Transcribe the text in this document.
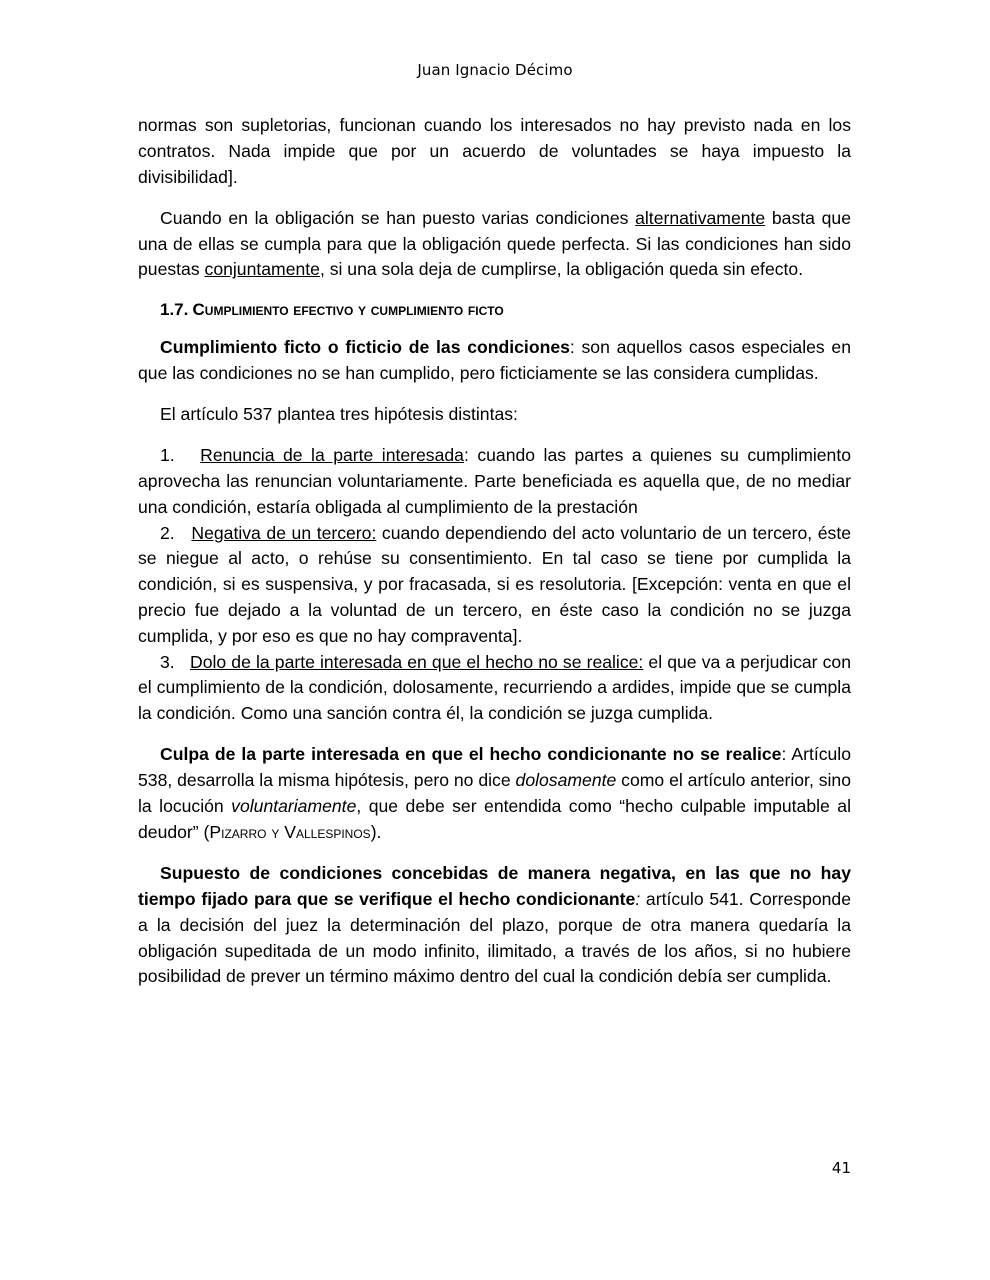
Juan Ignacio Décimo

normas son supletorias, funcionan cuando los interesados no hay previsto nada en los contratos. Nada impide que por un acuerdo de voluntades se haya impuesto la divisibilidad].

Cuando en la obligación se han puesto varias condiciones alternativamente basta que una de ellas se cumpla para que la obligación quede perfecta. Si las condiciones han sido puestas conjuntamente, si una sola deja de cumplirse, la obligación queda sin efecto.

1.7. Cumplimiento efectivo y cumplimiento ficto

Cumplimiento ficto o ficticio de las condiciones: son aquellos casos especiales en que las condiciones no se han cumplido, pero ficticiamente se las considera cumplidas.

El artículo 537 plantea tres hipótesis distintas:

1. Renuncia de la parte interesada: cuando las partes a quienes su cumplimiento aprovecha las renuncian voluntariamente. Parte beneficiada es aquella que, de no mediar una condición, estaría obligada al cumplimiento de la prestación

2. Negativa de un tercero: cuando dependiendo del acto voluntario de un tercero, éste se niegue al acto, o rehúse su consentimiento. En tal caso se tiene por cumplida la condición, si es suspensiva, y por fracasada, si es resolutoria. [Excepción: venta en que el precio fue dejado a la voluntad de un tercero, en éste caso la condición no se juzga cumplida, y por eso es que no hay compraventa].

3. Dolo de la parte interesada en que el hecho no se realice: el que va a perjudicar con el cumplimiento de la condición, dolosamente, recurriendo a ardides, impide que se cumpla la condición. Como una sanción contra él, la condición se juzga cumplida.

Culpa de la parte interesada en que el hecho condicionante no se realice: Artículo 538, desarrolla la misma hipótesis, pero no dice dolosamente como el artículo anterior, sino la locución voluntariamente, que debe ser entendida como “hecho culpable imputable al deudor” (Pizarro y Vallespinos).

Supuesto de condiciones concebidas de manera negativa, en las que no hay tiempo fijado para que se verifique el hecho condicionante: artículo 541. Corresponde a la decisión del juez la determinación del plazo, porque de otra manera quedaría la obligación supeditada de un modo infinito, ilimitado, a través de los años, si no hubiere posibilidad de prever un término máximo dentro del cual la condición debía ser cumplida.

41
